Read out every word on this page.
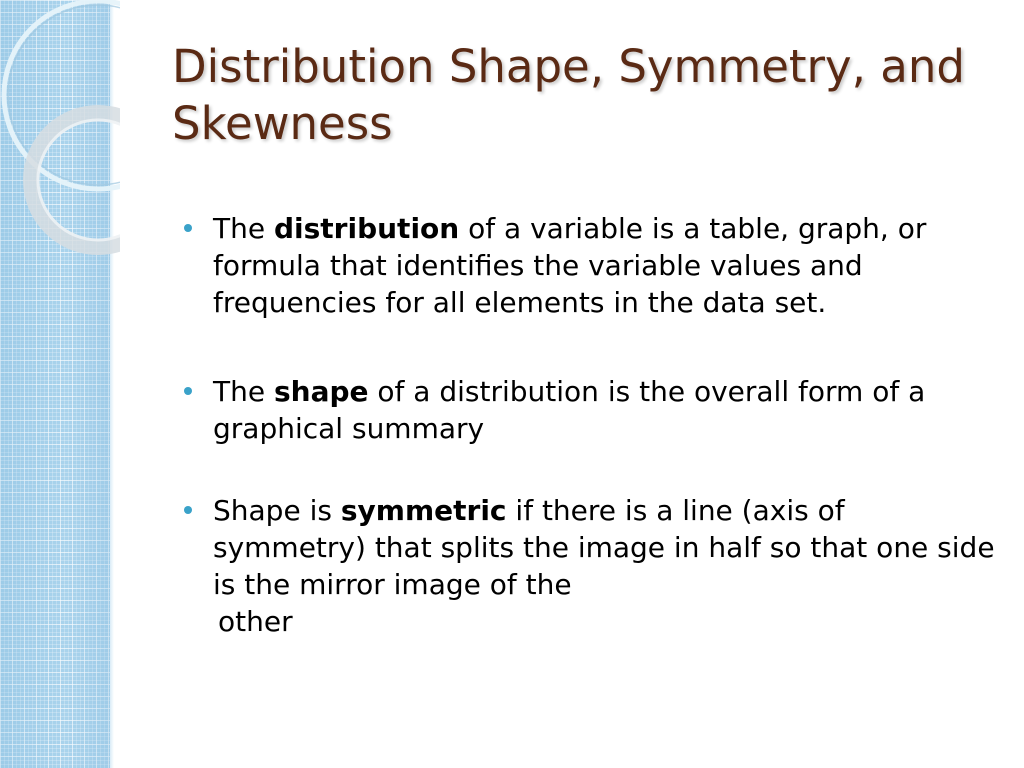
Distribution Shape, Symmetry, and Skewness
The distribution of a variable is a table, graph, or formula that identifies the variable values and frequencies for all elements in the data set.
The shape of a distribution is the overall form of a graphical summary
Shape is symmetric if there is a line (axis of symmetry) that splits the image in half so that one side is the mirror image of the
other
